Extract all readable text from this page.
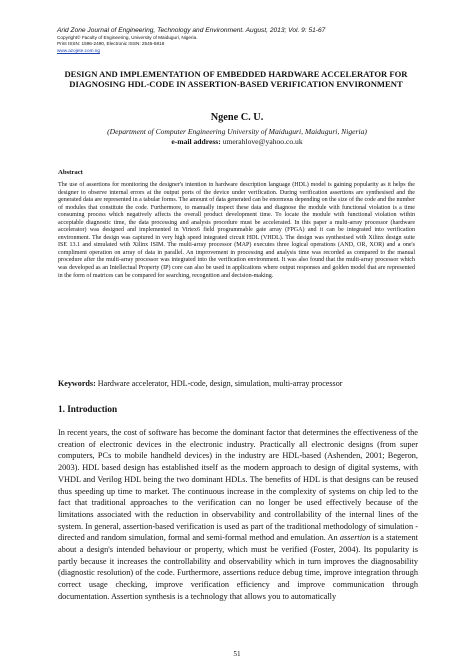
Arid Zone Journal of Engineering, Technology and Environment. August, 2013; Vol. 9: 51-67
Copyright© Faculty of Engineering, University of Maiduguri, Nigeria.
Print ISSN: 1596-2490, Electronic ISSN: 2545-5818
www.azojete.com.ng
DESIGN AND IMPLEMENTATION OF EMBEDDED HARDWARE ACCELERATOR FOR DIAGNOSING HDL-CODE IN ASSERTION-BASED VERIFICATION ENVIRONMENT
Ngene C. U.
(Department of Computer Engineering University of Maiduguri, Maiduguri, Nigeria)
e-mail address: umerahlove@yahoo.co.uk
Abstract
The use of assertions for monitoring the designer's intention in hardware description language (HDL) model is gaining popularity as it helps the designer to observe internal errors at the output ports of the device under verification. During verification assertions are synthesised and the generated data are represented in a tabular forms. The amount of data generated can be enormous depending on the size of the code and the number of modules that constitute the code. Furthermore, to manually inspect these data and diagnose the module with functional violation is a time consuming process which negatively affects the overall product development time. To locate the module with functional violation within acceptable diagnostic time, the data processing and analysis procedure must be accelerated. In this paper a multi-array processor (hardware accelerator) was designed and implemented in Virtex6 field programmable gate array (FPGA) and it can be integrated into verification environment. The design was captured in very high speed integrated circuit HDL (VHDL). The design was synthesised with Xilinx design suite ISE 13.1 and simulated with Xilinx ISIM. The multi-array processor (MAP) executes three logical operations (AND, OR, XOR) and a one's compliment operation on array of data in parallel. An improvement in processing and analysis time was recorded as compared to the manual procedure after the multi-array processor was integrated into the verification environment. It was also found that the multi-array processor which was developed as an Intellectual Property (IP) core can also be used in applications where output responses and golden model that are represented in the form of matrices can be compared for searching, recognition and decision-making.
Keywords: Hardware accelerator, HDL-code, design, simulation, multi-array processor
1. Introduction
In recent years, the cost of software has become the dominant factor that determines the effectiveness of the creation of electronic devices in the electronic industry. Practically all electronic designs (from super computers, PCs to mobile handheld devices) in the industry are HDL-based (Ashenden, 2001; Begeron, 2003). HDL based design has established itself as the modern approach to design of digital systems, with VHDL and Verilog HDL being the two dominant HDLs. The benefits of HDL is that designs can be reused thus speeding up time to market. The continuous increase in the complexity of systems on chip led to the fact that traditional approaches to the verification can no longer be used effectively because of the limitations associated with the reduction in observability and controllability of the internal lines of the system. In general, assertion-based verification is used as part of the traditional methodology of simulation -directed and random simulation, formal and semi-formal method and emulation. An assertion is a statement about a design's intended behaviour or property, which must be verified (Foster, 2004). Its popularity is partly because it increases the controllability and observability which in turn improves the diagnosability (diagnostic resolution) of the code. Furthermore, assertions reduce debug time, improve integration through correct usage checking, improve verification efficiency and improve communication through documentation. Assertion synthesis is a technology that allows you to automatically
51
